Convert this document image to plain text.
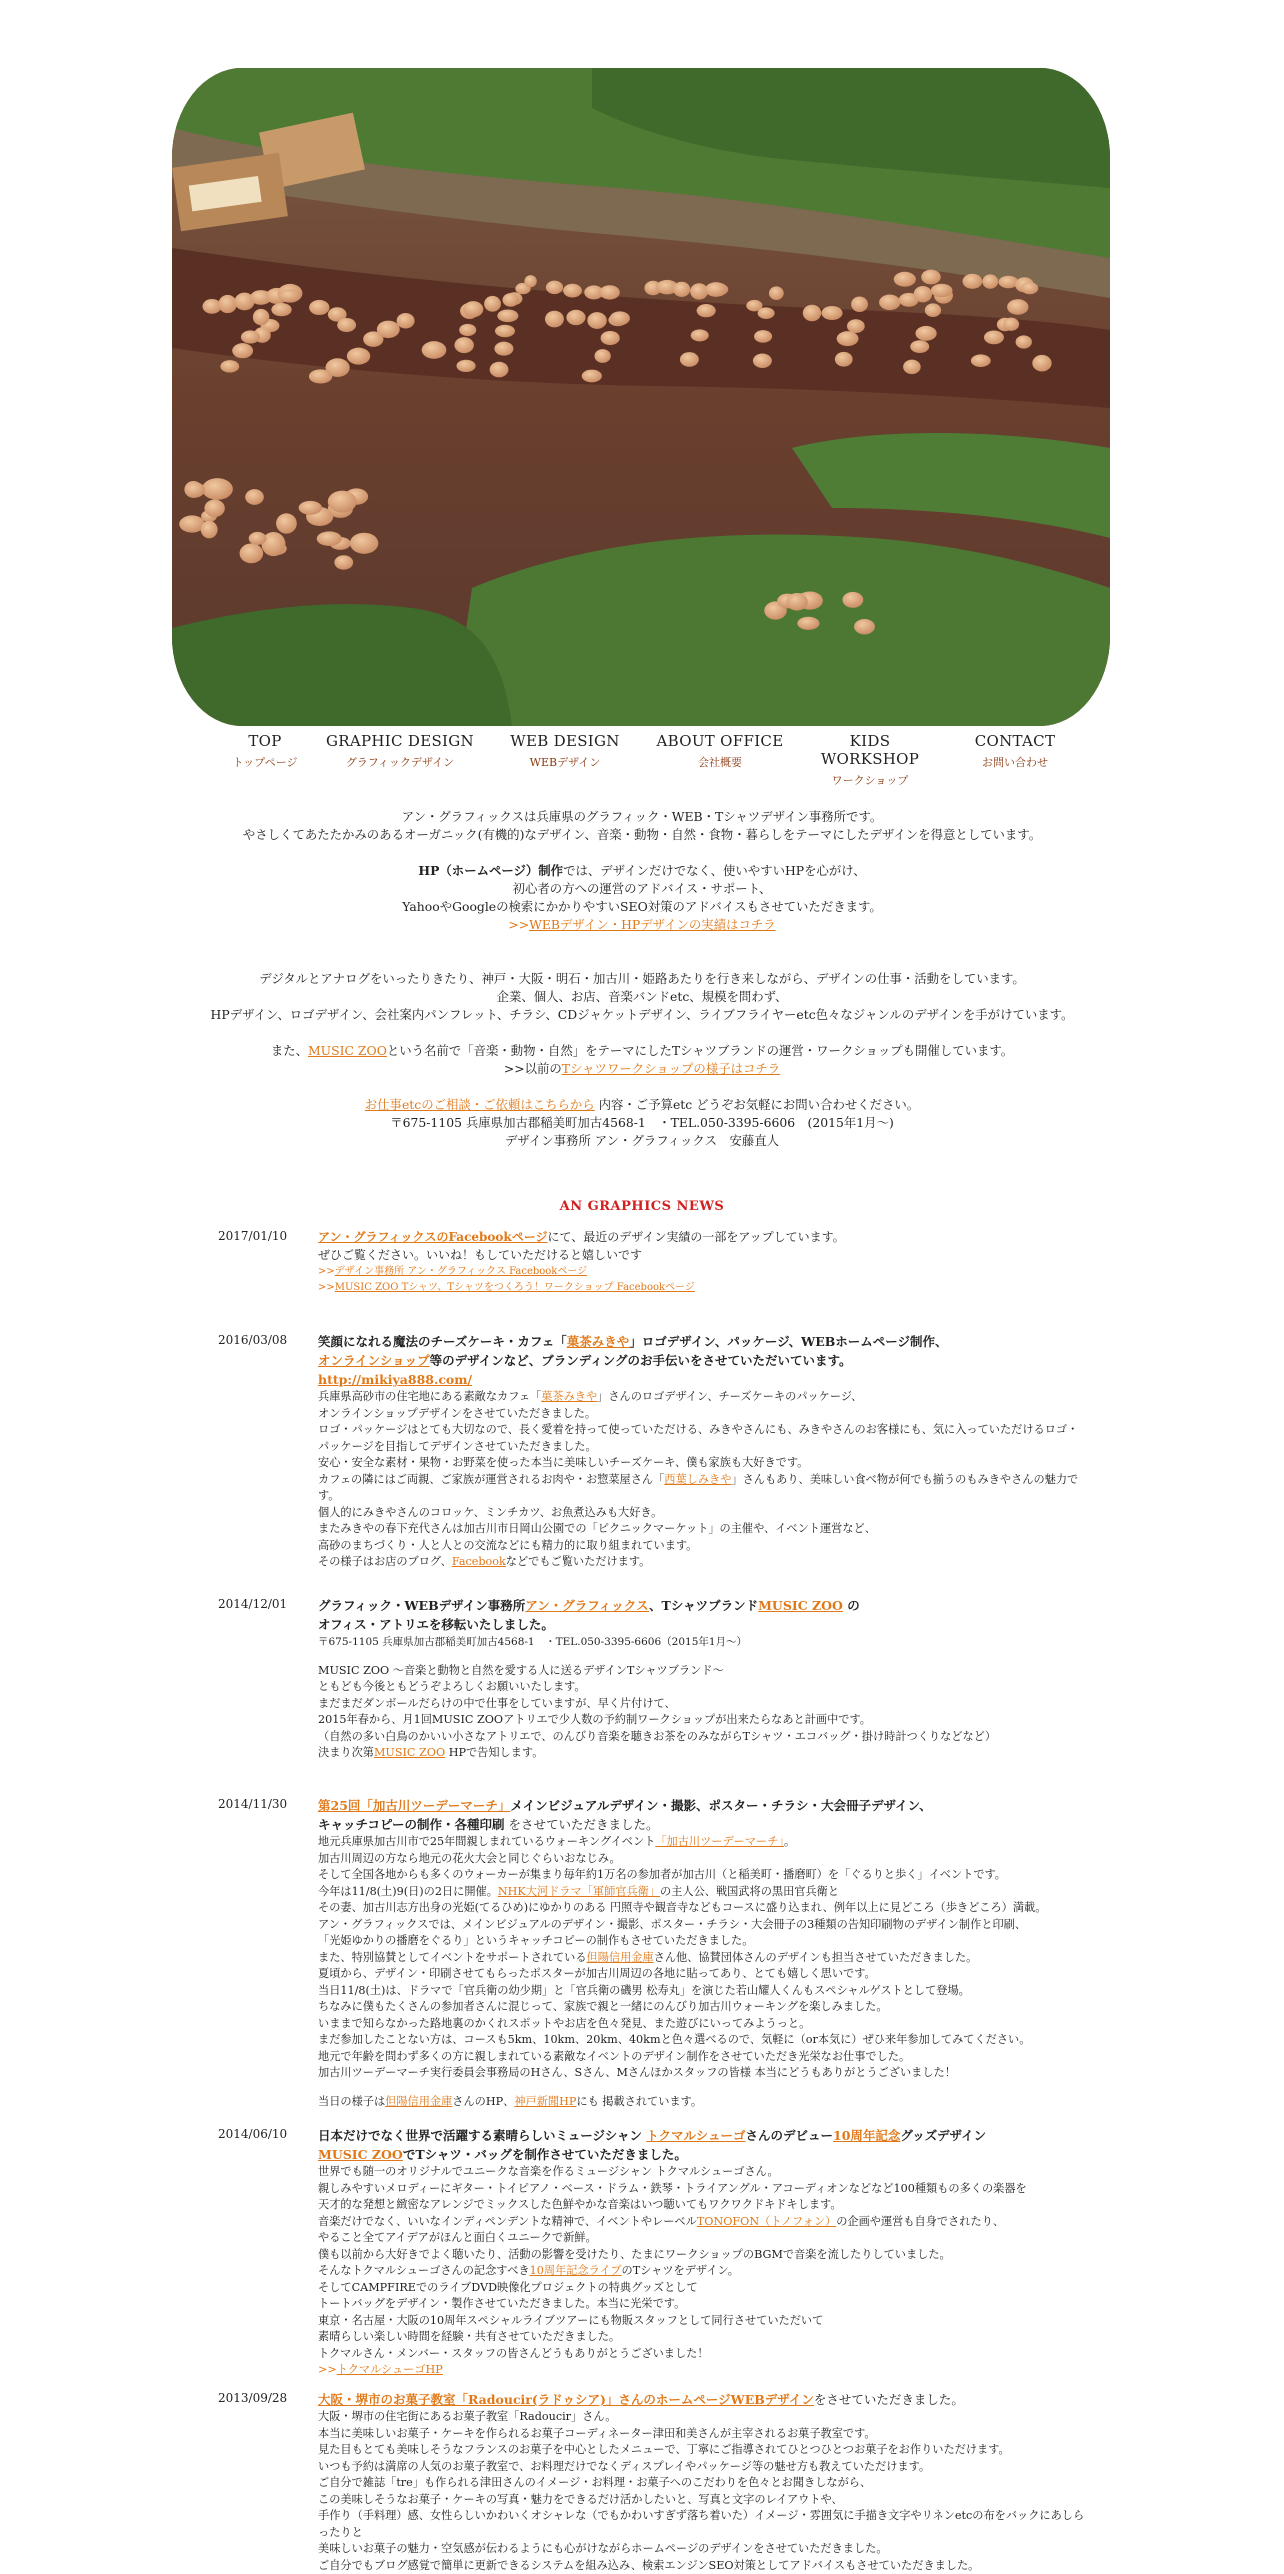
TOP
トップページ
GRAPHIC DESIGN
グラフィックデザイン
WEB DESIGN
WEBデザイン
ABOUT OFFICE
会社概要
KIDS WORKSHOP
ワークショップ
CONTACT
お問い合わせ

アン・グラフィックスは兵庫県のグラフィック・WEB・Tシャツデザイン事務所です。

やさしくてあたたかみのあるオーガニック(有機的)なデザイン、音楽・動物・自然・食物・暮らしをテーマにしたデザインを得意としています。

HP（ホームページ）制作では、デザインだけでなく、使いやすいHPを心がけ、

初心者の方への運営のアドバイス・サポート、

YahooやGoogleの検索にかかりやすいSEO対策のアドバイスもさせていただきます。

>>WEBデザイン・HPデザインの実績はコチラ

デジタルとアナログをいったりきたり、神戸・大阪・明石・加古川・姫路あたりを行き来しながら、デザインの仕事・活動をしています。

企業、個人、お店、音楽バンドetc、規模を問わず、

HPデザイン、ロゴデザイン、会社案内パンフレット、チラシ、CDジャケットデザイン、ライブフライヤーetc色々なジャンルのデザインを手がけています。

また、MUSIC ZOOという名前で「音楽・動物・自然」をテーマにしたTシャツブランドの運営・ワークショップも開催しています。

>>以前のTシャツワークショップの様子はコチラ

お仕事etcのご相談・ご依頼はこちらから 内容・ご予算etc どうぞお気軽にお問い合わせください。

〒675-1105 兵庫県加古郡稲美町加古4568-1　・TEL.050-3395-6606　(2015年1月～)

デザイン事務所 アン・グラフィックス　安藤直人

AN GRAPHICS NEWS
2017/01/10	アン・グラフィックスのFacebookページにて、最近のデザイン実績の一部をアップしています。

ぜひご覧ください。いいね！もしていただけると嬉しいです

>>デザイン事務所 アン・グラフィックス Facebookページ

>>MUSIC ZOO Tシャツ、Tシャツをつくろう！ワークショップ Facebookページ

2016/03/08 笑顔になれる魔法のチーズケーキ・カフェ「菓茶みきや」ロゴデザイン、パッケージ、WEBホームページ制作、

オンラインショップ等のデザインなど、ブランディングのお手伝いをさせていただいています。

http://mikiya888.com/

兵庫県高砂市の住宅地にある素敵なカフェ「菓茶みきや」さんのロゴデザイン、チーズケーキのパッケージ、

オンラインショップデザインをさせていただきました。

ロゴ・パッケージはとても大切なので、長く愛着を持って使っていただける、みきやさんにも、みきやさんのお客様にも、気に入っていただけるロゴ・

パッケージを目指してデザインさせていただきました。

安心・安全な素材・果物・お野菜を使った本当に美味しいチーズケーキ、僕も家族も大好きです。

カフェの隣にはご両親、ご家族が運営されるお肉や・お惣菜屋さん「西葉しみきや」さんもあり、美味しい食べ物が何でも揃うのもみきやさんの魅力です。

個人的にみきやさんのコロッケ、ミンチカツ、お魚煮込みも大好き。

またみきやの春下充代さんは加古川市日岡山公園での「ピクニックマーケット」の主催や、イベント運営など、

高砂のまちづくり・人と人との交流などにも精力的に取り組まれています。

その様子はお店のブログ、Facebookなどでもご覧いただけます。

2014/12/01 グラフィック・WEBデザイン事務所アン・グラフィックス、TシャツブランドMUSIC ZOO の

オフィス・アトリエを移転いたしました。

〒675-1105 兵庫県加古郡稲美町加古4568-1　・TEL.050-3395-6606（2015年1月～）

MUSIC ZOO ～音楽と動物と自然を愛する人に送るデザインTシャツブランド～

ともども今後ともどうぞよろしくお願いいたします。

まだまだダンボールだらけの中で仕事をしていますが、早く片付けて、

2015年春から、月1回MUSIC ZOOアトリエで少人数の予約制ワークショップが出来たらなあと計画中です。

（自然の多い白鳥のかいい小さなアトリエで、のんびり音楽を聴きお茶をのみながらTシャツ・エコバッグ・掛け時計つくりなどなど）

決まり次第MUSIC ZOO HPで告知します。

2014/11/30 第25回「加古川ツーデーマーチ」メインビジュアルデザイン・撮影、ポスター・チラシ・大会冊子デザイン、

キャッチコピーの制作・各種印刷 をさせていただきました。

地元兵庫県加古川市で25年間親しまれているウォーキングイベント「加古川ツーデーマーチ」。

加古川周辺の方なら地元の花火大会と同じぐらいおなじみ。

そして全国各地からも多くのウォーカーが集まり毎年約1万名の参加者が加古川（と稲美町・播磨町）を「ぐるりと歩く」イベントです。

今年は11/8(土)9(日)の2日に開催。NHK大河ドラマ「軍師官兵衛」の主人公、戦国武将の黒田官兵衛と

その妻、加古川志方出身の光姫(てるひめ)にゆかりのある 円照寺や観音寺などもコースに盛り込まれ、例年以上に見どころ（歩きどころ）満載。

アン・グラフィックスでは、メインビジュアルのデザイン・撮影、ポスター・チラシ・大会冊子の3種類の告知印刷物のデザイン制作と印刷、

「光姫ゆかりの播磨をぐるり」というキャッチコピーの制作もさせていただきました。

また、特別協賛としてイベントをサポートされている但陽信用金庫さん他、協賛団体さんのデザインも担当させていただきました。

夏頃から、デザイン・印刷させてもらったポスターが加古川周辺の各地に貼ってあり、とても嬉しく思いです。

当日11/8(土)は、ドラマで「官兵衛の幼少期」と「官兵衛の磯男 松寿丸」を演じた若山耀人くんもスペシャルゲストとして登場。

ちなみに僕もたくさんの参加者さんに混じって、家族で親と一緒にのんびり加古川ウォーキングを楽しみました。

いままで知らなかった路地裏のかくれスポットやお店を色々発見、また遊びにいってみようっと。

まだ参加したことない方は、コースも5km、10km、20km、40kmと色々選べるので、気軽に（or本気に）ぜひ来年参加してみてください。

地元で年齢を問わず多くの方に親しまれている素敵なイベントのデザイン制作をさせていただき光栄なお仕事でした。

加古川ツーデーマーチ実行委員会事務局のHさん、Sさん、Mさんほかスタッフの皆様 本当にどうもありがとうございました！

当日の様子は但陽信用金庫さんのHP、神戸新聞HPにも 掲載されています。

2014/06/10 日本だけでなく世界で活躍する素晴らしいミュージシャン トクマルシューゴさんのデビュー10周年記念グッズデザイン

MUSIC ZOOでTシャツ・バッグを制作させていただきました。

世界でも随一のオリジナルでユニークな音楽を作るミュージシャン トクマルシューゴさん。

親しみやすいメロディーにギター・トイピアノ・ベース・ドラム・鉄琴・トライアングル・アコーディオンなどなど100種類もの多くの楽器を

天才的な発想と緻密なアレンジでミックスした色鮮やかな音楽はいつ聴いてもワクワクドキドキします。

音楽だけでなく、いいなインディペンデントな精神で、イベントやレーベルTONOFON（トノフォン）の企画や運営も自身でされたり、

やること全てアイデアがほんと面白くユニークで新鮮。

僕も以前から大好きでよく聴いたり、活動の影響を受けたり、たまにワークショップのBGMで音楽を流したりしていました。

そんなトクマルシューゴさんの記念すべき10周年記念ライブのTシャツをデザイン。

そしてCAMPFIREでのライブDVD映像化プロジェクトの特典グッズとして

トートバッグをデザイン・製作させていただきました。本当に光栄です。

東京・名古屋・大阪の10周年スペシャルライブツアーにも物販スタッフとして同行させていただいて

素晴らしい楽しい時間を経験・共有させていただきました。

トクマルさん・メンバー・スタッフの皆さんどうもありがとうございました！

>>トクマルシューゴHP

2013/09/28 大阪・堺市のお菓子教室「Radoucir(ラドゥシア)」さんのホームページWEBデザインをさせていただきました。

大阪・堺市の住宅街にあるお菓子教室「Radoucir」さん。

本当に美味しいお菓子・ケーキを作られるお菓子コーディネーター津田和美さんが主宰されるお菓子教室です。

見た目もとても美味しそうなフランスのお菓子を中心としたメニューで、丁寧にご指導されてひとつひとつお菓子をお作りいただけます。

いつも予約は満席の人気のお菓子教室で、お料理だけでなくディスプレイやパッケージ等の魅せ方も教えていただけます。

ご自分で雑誌「tre」も作られる津田さんのイメージ・お料理・お菓子へのこだわりを色々とお聞きしながら、

この美味しそうなお菓子・ケーキの写真・魅力をできるだけ活かしたいと、写真と文字のレイアウトや、

手作り（手料理）感、女性らしいかわいくオシャレな（でもかわいすぎず落ち着いた）イメージ・雰囲気に手描き文字やリネンetcの布をバックにあしら

ったりと

美味しいお菓子の魅力・空気感が伝わるようにも心がけながらホームページのデザインをさせていただきました。

ご自分でもブログ感覚で簡単に更新できるシステムを組み込み、検索エンジンSEO対策としてアドバイスもさせていただきました。
